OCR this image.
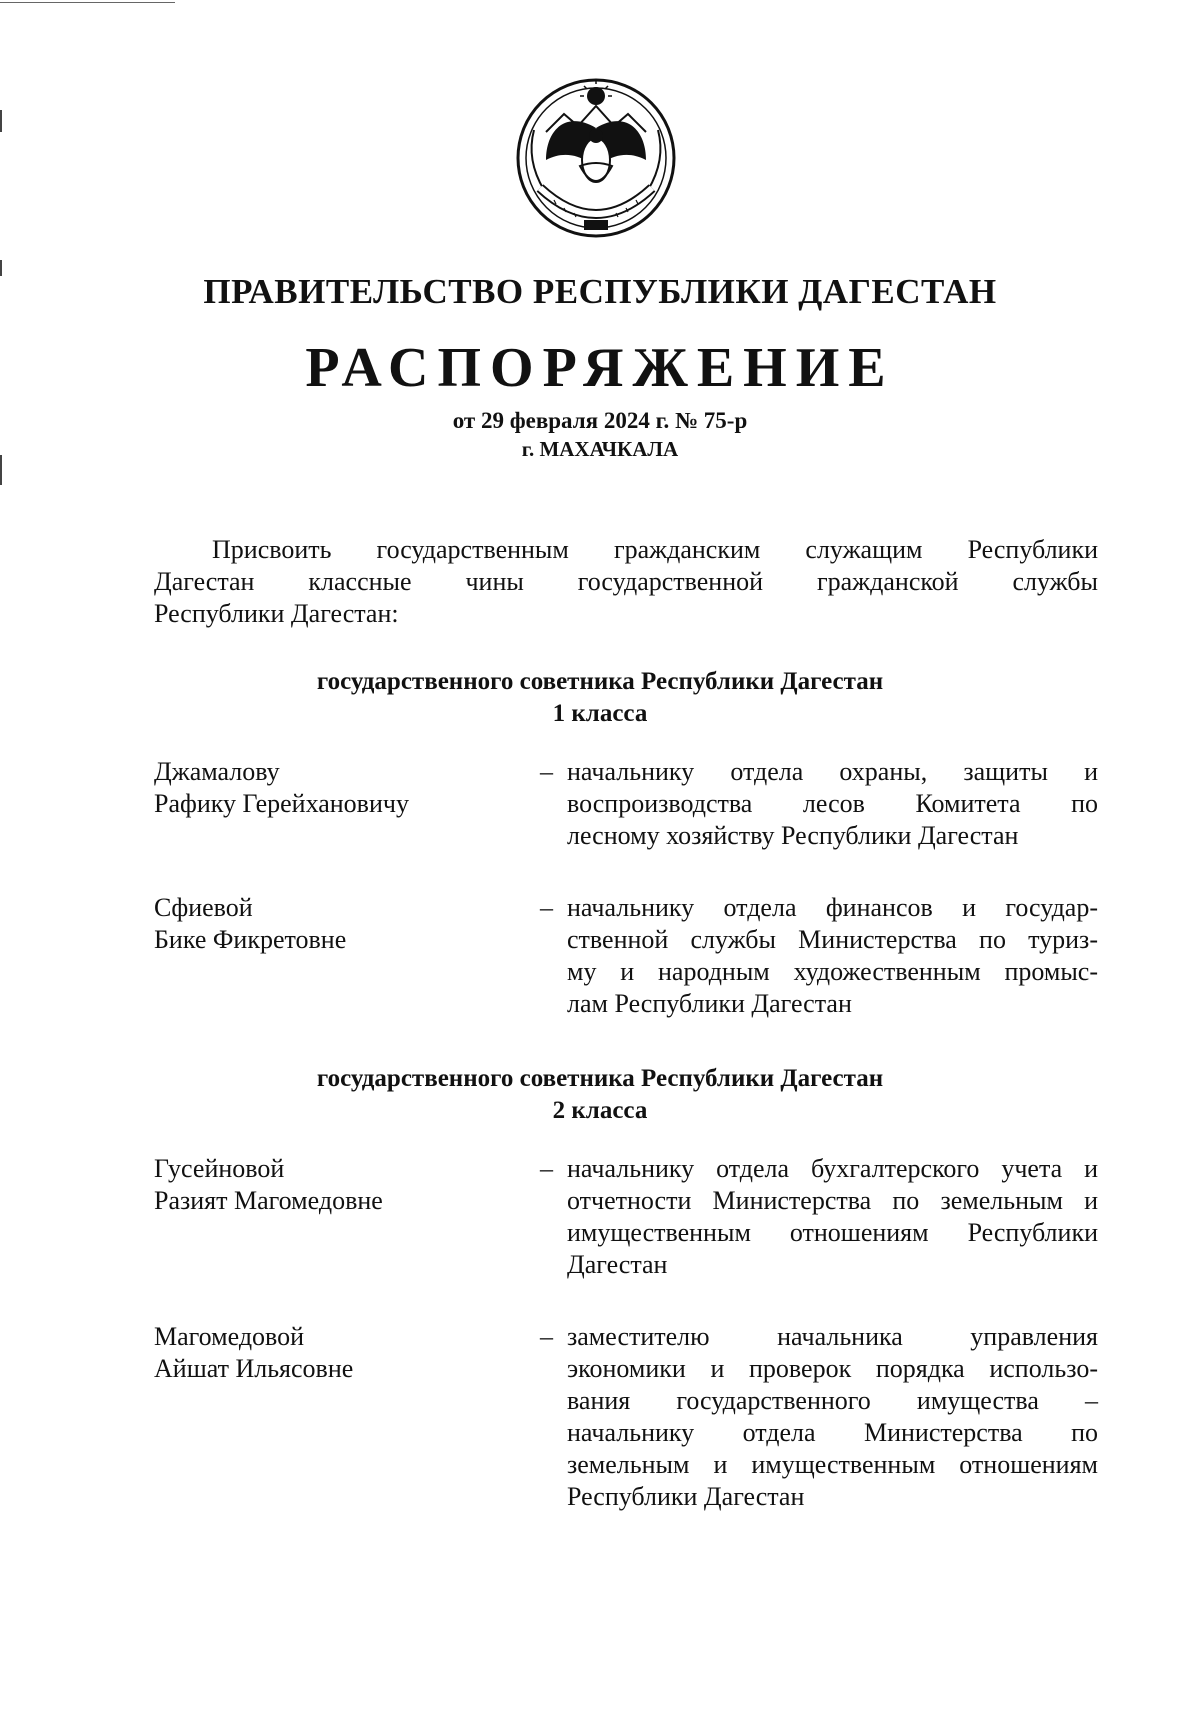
ПРАВИТЕЛЬСТВО РЕСПУБЛИКИ ДАГЕСТАН
РАСПОРЯЖЕНИЕ
от 29 февраля 2024 г. № 75-р
г. МАХАЧКАЛА
Присвоить государственным гражданским служащим Республики
Дагестан классные чины государственной гражданской службы
Республики Дагестан:
государственного советника Республики Дагестан
1 класса
Джамалову
Рафику Герейхановичу
– начальнику отдела охраны, защиты и
воспроизводства лесов Комитета по
лесному хозяйству Республики Дагестан
Сфиевой
Бике Фикретовне
– начальнику отдела финансов и государ-
ственной службы Министерства по туриз-
му и народным художественным промыс-
лам Республики Дагестан
государственного советника Республики Дагестан
2 класса
Гусейновой
Разият Магомедовне
– начальнику отдела бухгалтерского учета и
отчетности Министерства по земельным и
имущественным отношениям Республики
Дагестан
Магомедовой
Айшат Ильясовне
– заместителю начальника управления
экономики и проверок порядка использо-
вания государственного имущества –
начальнику отдела Министерства по
земельным и имущественным отношениям
Республики Дагестан
